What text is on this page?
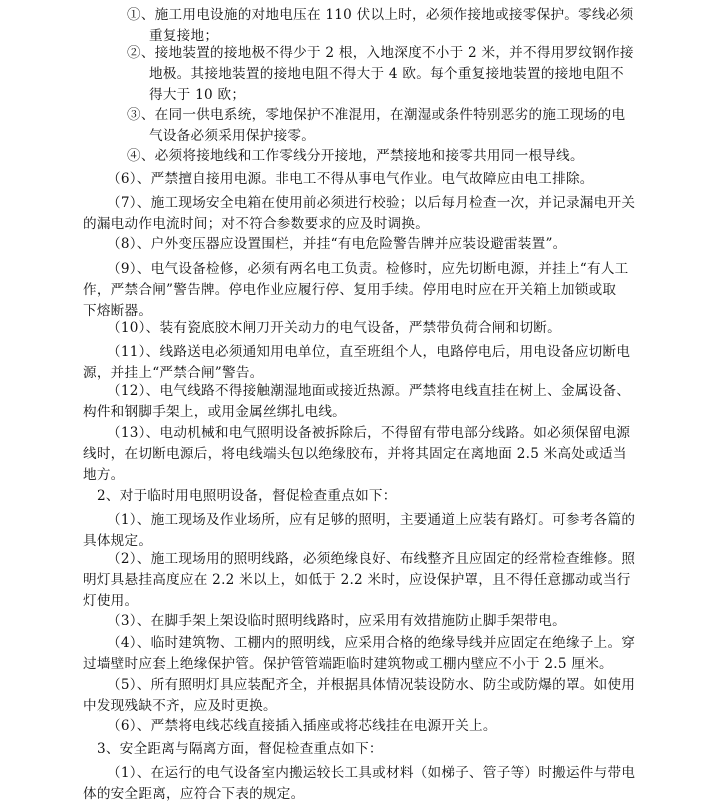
①、施工用电设施的对地电压在 110 伏以上时，必须作接地或接零保护。零线必须
重复接地；
②、接地装置的接地极不得少于 2 根，入地深度不小于 2 米，并不得用罗纹钢作接
地极。其接地装置的接地电阻不得大于 4 欧。每个重复接地装置的接地电阻不
得大于 10 欧；
③、在同一供电系统，零地保护不准混用，在潮湿或条件特别恶劣的施工现场的电
气设备必须采用保护接零。
④、必须将接地线和工作零线分开接地，严禁接地和接零共用同一根导线。
（6）、严禁擅自接用电源。非电工不得从事电气作业。电气故障应由电工排除。
（7）、施工现场安全电箱在使用前必须进行校验；以后每月检查一次，并记录漏电开关
的漏电动作电流时间；对不符合参数要求的应及时调换。
（8）、户外变压器应设置围栏，并挂“有电危险警告牌并应装设避雷装置”。
（9）、电气设备检修，必须有两名电工负责。检修时，应先切断电源，并挂上“有人工
作，严禁合闸”警告牌。停电作业应履行停、复用手续。停用电时应在开关箱上加锁或取
下熔断器。
（10）、装有瓷底胶木闸刀开关动力的电气设备，严禁带负荷合闸和切断。
（11）、线路送电必须通知用电单位，直至班组个人，电路停电后，用电设备应切断电
源，并挂上“严禁合闸”警告。
（12）、电气线路不得接触潮湿地面或接近热源。严禁将电线直挂在树上、金属设备、
构件和钢脚手架上，或用金属丝绑扎电线。
（13）、电动机械和电气照明设备被拆除后，不得留有带电部分线路。如必须保留电源
线时，在切断电源后，将电线端头包以绝缘胶布，并将其固定在离地面 2.5 米高处或适当
地方。
2、对于临时用电照明设备，督促检查重点如下：
（1）、施工现场及作业场所，应有足够的照明，主要通道上应装有路灯。可参考各篇的
具体规定。
（2）、施工现场用的照明线路，必须绝缘良好、布线整齐且应固定的经常检查维修。照
明灯具悬挂高度应在 2.2 米以上，如低于 2.2 米时，应设保护罩，且不得任意挪动或当行
灯使用。
（3）、在脚手架上架设临时照明线路时，应采用有效措施防止脚手架带电。
（4）、临时建筑物、工棚内的照明线，应采用合格的绝缘导线并应固定在绝缘子上。穿
过墙壁时应套上绝缘保护管。保护管管端距临时建筑物或工棚内壁应不小于 2.5 厘米。
（5）、所有照明灯具应装配齐全，并根据具体情况装设防水、防尘或防爆的罩。如使用
中发现残缺不齐，应及时更换。
（6）、严禁将电线芯线直接插入插座或将芯线挂在电源开关上。
3、安全距离与隔离方面，督促检查重点如下：
（1）、在运行的电气设备室内搬运较长工具或材料（如梯子、管子等）时搬运件与带电
体的安全距离，应符合下表的规定。
